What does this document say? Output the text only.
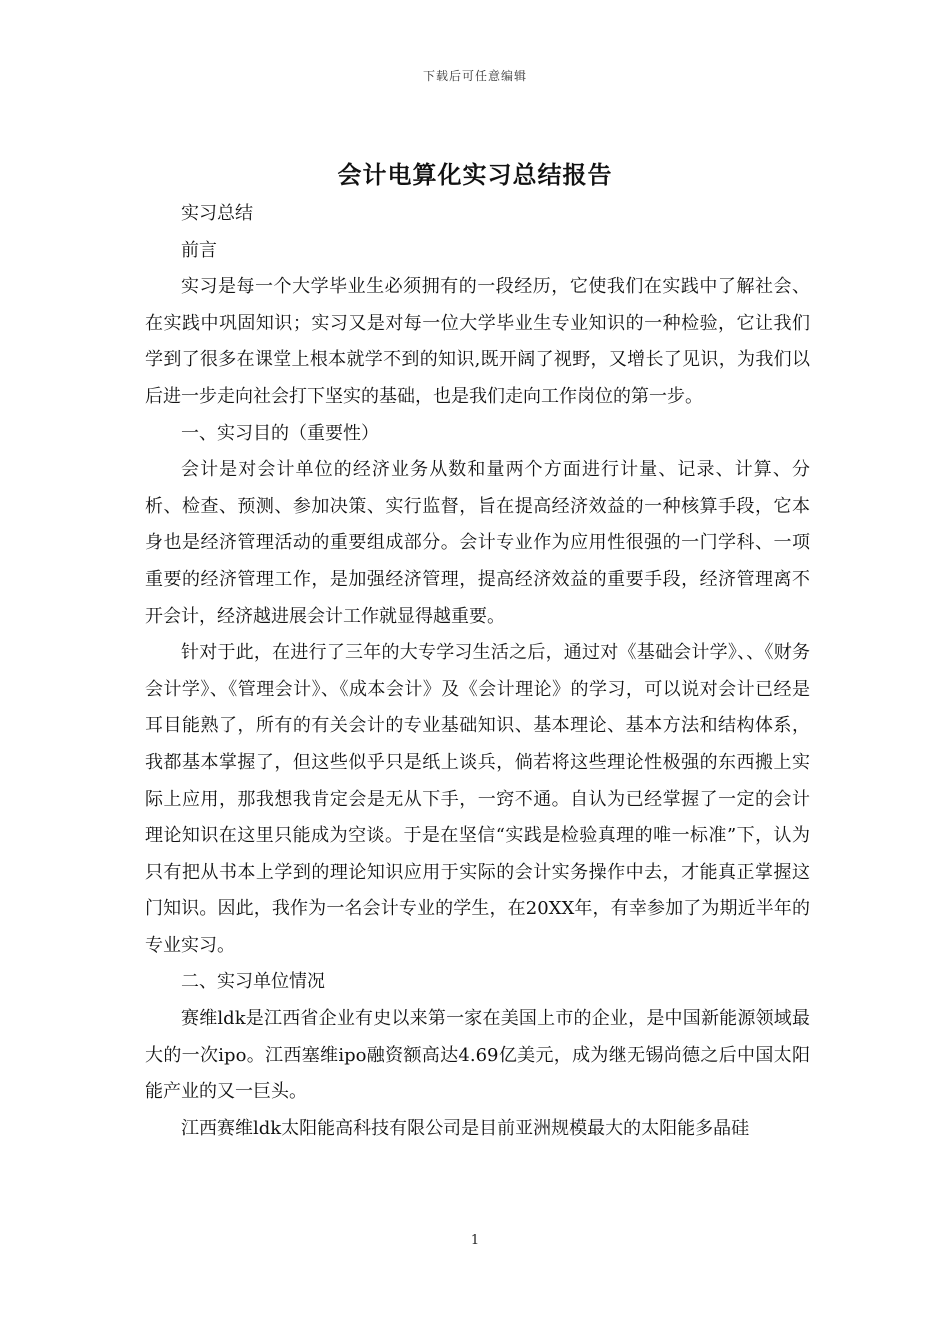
下载后可任意编辑
会计电算化实习总结报告

实习总结

前言

实习是每一个大学毕业生必须拥有的一段经历，它使我们在实践中了解社会、在实践中巩固知识；实习又是对每一位大学毕业生专业知识的一种检验，它让我们学到了很多在课堂上根本就学不到的知识,既开阔了视野，又增长了见识，为我们以后进一步走向社会打下坚实的基础，也是我们走向工作岗位的第一步。

一、实习目的（重要性）

会计是对会计单位的经济业务从数和量两个方面进行计量、记录、计算、分析、检查、预测、参加决策、实行监督，旨在提高经济效益的一种核算手段，它本身也是经济管理活动的重要组成部分。会计专业作为应用性很强的一门学科、一项重要的经济管理工作，是加强经济管理，提高经济效益的重要手段，经济管理离不开会计，经济越进展会计工作就显得越重要。

针对于此，在进行了三年的大专学习生活之后，通过对《基础会计学》、、《财务会计学》、《管理会计》、《成本会计》及《会计理论》的学习，可以说对会计已经是耳目能熟了，所有的有关会计的专业基础知识、基本理论、基本方法和结构体系，我都基本掌握了，但这些似乎只是纸上谈兵，倘若将这些理论性极强的东西搬上实际上应用，那我想我肯定会是无从下手，一窍不通。自认为已经掌握了一定的会计理论知识在这里只能成为空谈。于是在坚信“实践是检验真理的唯一标准”下，认为只有把从书本上学到的理论知识应用于实际的会计实务操作中去，才能真正掌握这门知识。因此，我作为一名会计专业的学生，在20XX年，有幸参加了为期近半年的专业实习。

二、实习单位情况

赛维ldk是江西省企业有史以来第一家在美国上市的企业，是中国新能源领域最大的一次ipo。江西塞维ipo融资额高达4.69亿美元，成为继无锡尚德之后中国太阳能产业的又一巨头。

江西赛维ldk太阳能高科技有限公司是目前亚洲规模最大的太阳能多晶硅

1
